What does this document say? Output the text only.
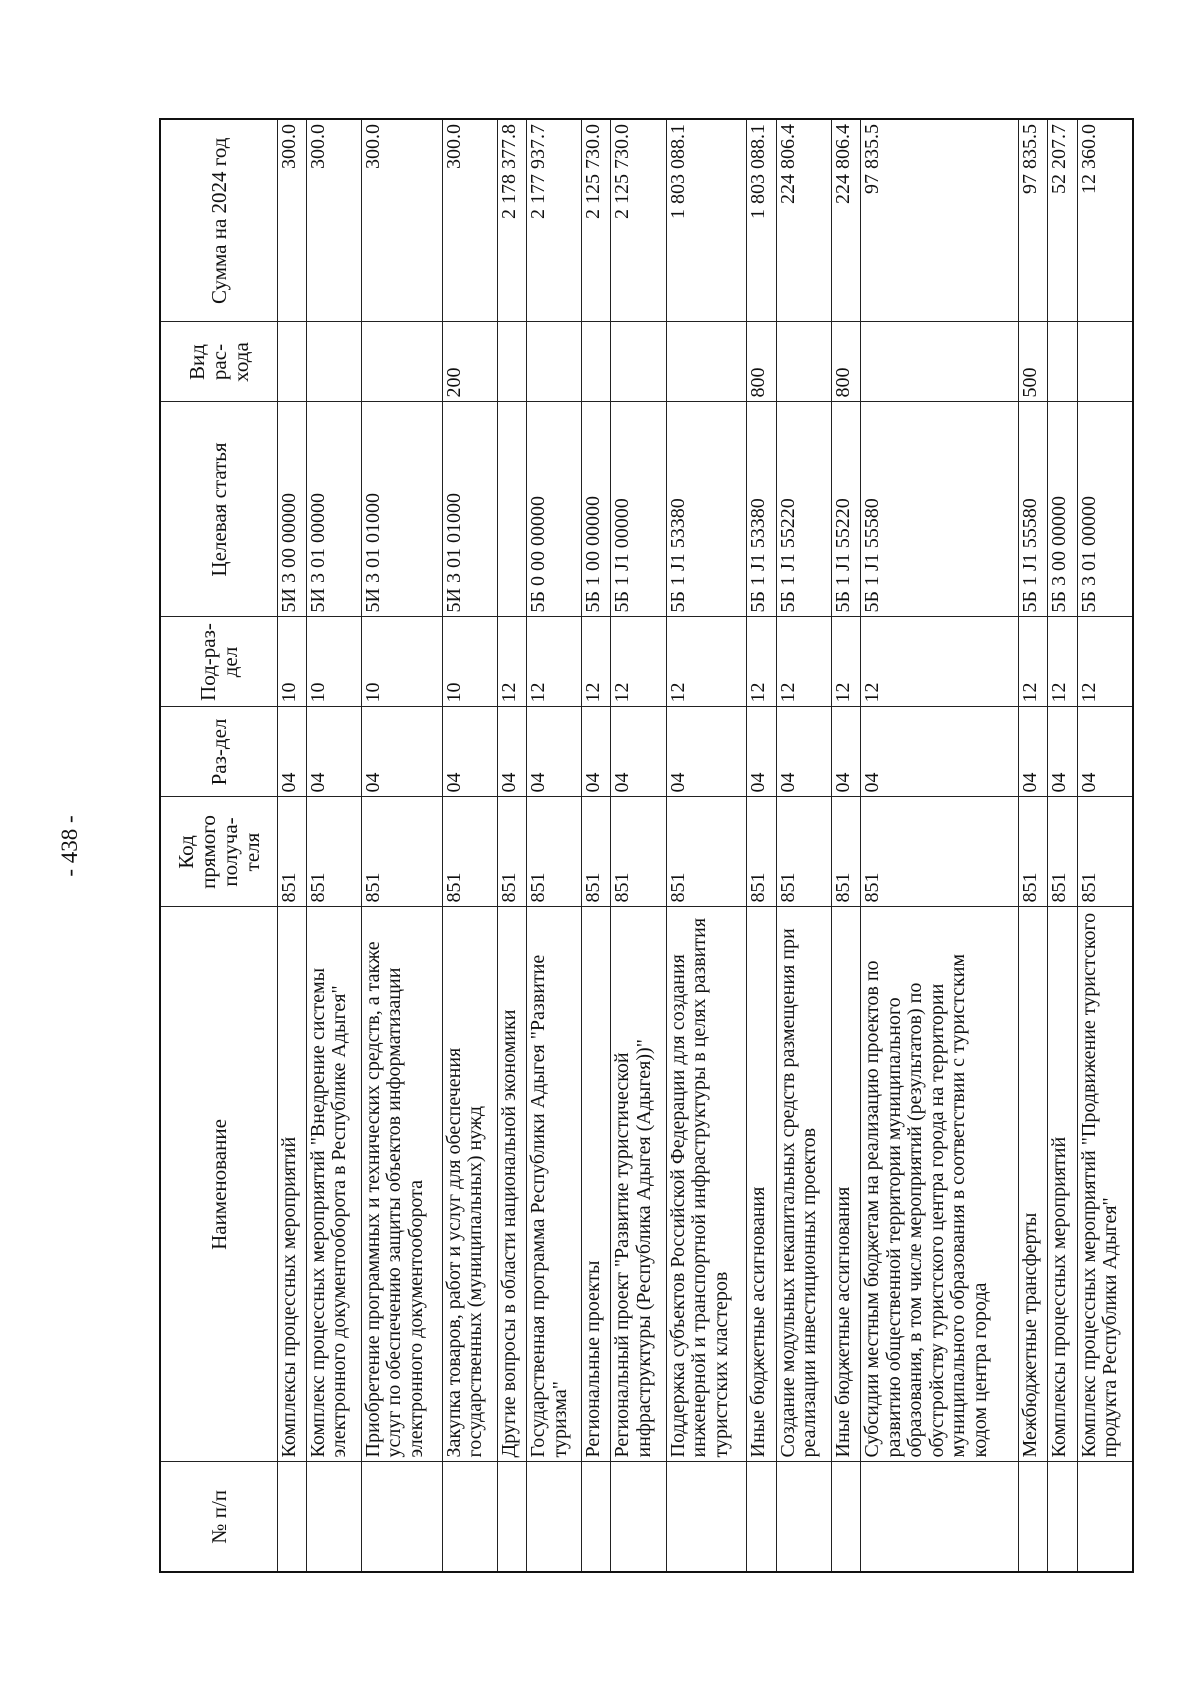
- 438 -
№ п/п	Наименование	Код прямого получа-теля	Раз-дел	Под-раз-дел	Целевая статья	Вид рас-хода	Сумма на 2024 год
	Комплексы процессных мероприятий	851	04	10	5И 3 00 00000		300.0
	Комплекс процессных мероприятий "Внедрение системы электронного документооборота в Республике Адыгея"	851	04	10	5И 3 01 00000		300.0
	Приобретение программных и технических средств, а также услуг по обеспечению защиты объектов информатизации электронного документооборота	851	04	10	5И 3 01 01000		300.0
	Закупка товаров, работ и услуг для обеспечения государственных (муниципальных) нужд	851	04	10	5И 3 01 01000	200	300.0
	Другие вопросы в области национальной экономики	851	04	12			2 178 377.8
	Государственная программа Республики Адыгея "Развитие туризма"	851	04	12	5Б 0 00 00000		2 177 937.7
	Региональные проекты	851	04	12	5Б 1 00 00000		2 125 730.0
	Региональный проект "Развитие туристической инфраструктуры (Республика Адыгея (Адыгея))"	851	04	12	5Б 1 J1 00000		2 125 730.0
	Поддержка субъектов Российской Федерации для создания инженерной и транспортной инфраструктуры в целях развития туристских кластеров	851	04	12	5Б 1 J1 53380		1 803 088.1
	Иные бюджетные ассигнования	851	04	12	5Б 1 J1 53380	800	1 803 088.1
	Создание модульных некапитальных средств размещения при реализации инвестиционных проектов	851	04	12	5Б 1 J1 55220		224 806.4
	Иные бюджетные ассигнования	851	04	12	5Б 1 J1 55220	800	224 806.4
	Субсидии местным бюджетам на реализацию проектов по развитию общественной территории муниципального образования, в том числе мероприятий (результатов) по обустройству туристского центра города на территории муниципального образования в соответствии с туристским кодом центра города	851	04	12	5Б 1 J1 55580		97 835.5
	Межбюджетные трансферты	851	04	12	5Б 1 J1 55580	500	97 835.5
	Комплексы процессных мероприятий	851	04	12	5Б 3 00 00000		52 207.7
	Комплекс процессных мероприятий "Продвижение туристского продукта Республики Адыгея"	851	04	12	5Б 3 01 00000		12 360.0
